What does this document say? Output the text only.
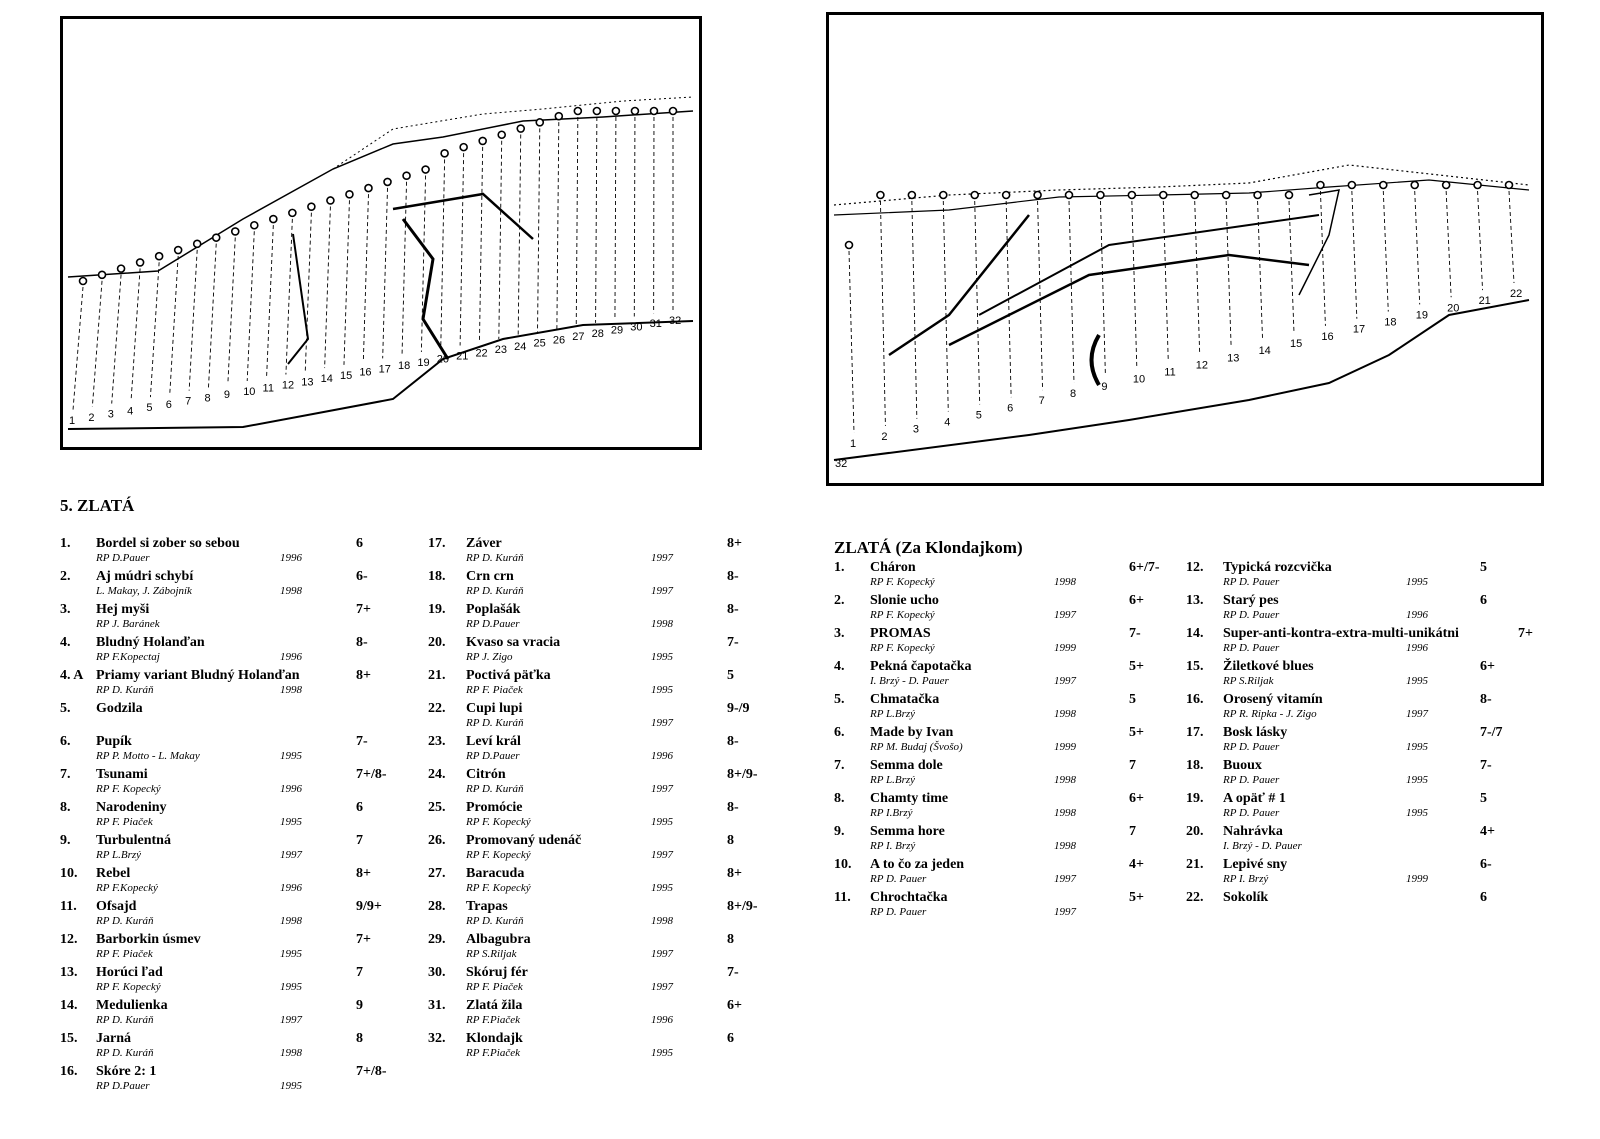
1 2 3 4 5 6 7 8 9 10 11 12 13 14 15 16 17 18 19 20 21 22 23 24 25 26 27 28 29 30 31 32
1
2
3
4
5
6
7
8
9
10
11
12
13
14
15
16
17
18
19
20
21
22
32
5. ZLATÁ
ZLATÁ (Za Klondajkom)
1. Bordel si zober so sebou	6
RP D.Pauer	1996
2. Aj múdri schybí	6-
L. Makay, J. Zábojník	1998
3. Hej myši	7+
RP J. Baránek
4. Bludný Holanďan	8-
RP F.Kopectaj	1996
4. A Priamy variant Bludný Holanďan	8+
RP D. Kuráň	1998
5. Godzila
6. Pupík	7-
RP P. Motto - L. Makay	1995
7. Tsunami	7+/8-
RP F. Kopecký	1996
8. Narodeniny	6
RP F. Piaček	1995
9. Turbulentná	7
RP L.Brzý	1997
10. Rebel	8+
RP F.Kopecký	1996
11. Ofsajd	9/9+
RP D. Kuráň	1998
12. Barborkin úsmev	7+
RP F. Piaček	1995
13. Horúci ľad	7
RP F. Kopecký	1995
14. Medulienka	9
RP D. Kuráň	1997
15. Jarná	8
RP D. Kuráň	1998
16. Skóre 2: 1	7+/8-
RP D.Pauer	1995
17. Záver	8+
RP D. Kuráň	1997
18. Crn crn	8-
RP D. Kuráň	1997
19. Poplašák	8-
RP D.Pauer	1998
20. Kvaso sa vracia	7-
RP J. Zigo	1995
21. Poctivá päťka	5
RP F. Piaček	1995
22. Cupi lupi	9-/9
RP D. Kuráň	1997
23. Leví král	8-
RP D.Pauer	1996
24. Citrón	8+/9-
RP D. Kuráň	1997
25. Promócie	8-
RP F. Kopecký	1995
26. Promovaný udenáč	8
RP F. Kopecký	1997
27. Baracuda	8+
RP F. Kopecký	1995
28. Trapas	8+/9-
RP D. Kuráň	1998
29. Albagubra	8
RP S.Riljak	1997
30. Skóruj fér	7-
RP F. Piaček	1997
31. Zlatá žila	6+
RP F.Piaček	1996
32. Klondajk	6
RP F.Piaček	1995
1. Cháron	6+/7-
RP F. Kopecký	1998
2. Slonie ucho	6+
RP F. Kopecký	1997
3. PROMAS	7-
RP F. Kopecký	1999
4. Pekná čapotačka	5+
I. Brzý - D. Pauer	1997
5. Chmatačka	5
RP L.Brzý	1998
6. Made by Ivan	5+
RP M. Budaj (Švošo)	1999
7. Semma dole	7
RP L.Brzý	1998
8. Chamty time	6+
RP I.Brzý	1998
9. Semma hore	7
RP I. Brzý	1998
10. A to čo za jeden	4+
RP D. Pauer	1997
11. Chrochtačka	5+
RP D. Pauer	1997
12. Typická rozcvička	5
RP D. Pauer	1995
13. Starý pes	6
RP D. Pauer	1996
14. Super-anti-kontra-extra-multi-unikátni	7+
RP D. Pauer	1996
15. Žiletkové blues	6+
RP S.Riljak	1995
16. Orosený vitamín	8-
RP R. Ripka - J. Zigo	1997
17. Bosk lásky	7-/7
RP D. Pauer	1995
18. Buoux	7-
RP D. Pauer	1995
19. A opäť # 1	5
RP D. Pauer	1995
20. Nahrávka	4+
I. Brzý - D. Pauer
21. Lepivé sny	6-
RP I. Brzý	1999
22. Sokolík	6
